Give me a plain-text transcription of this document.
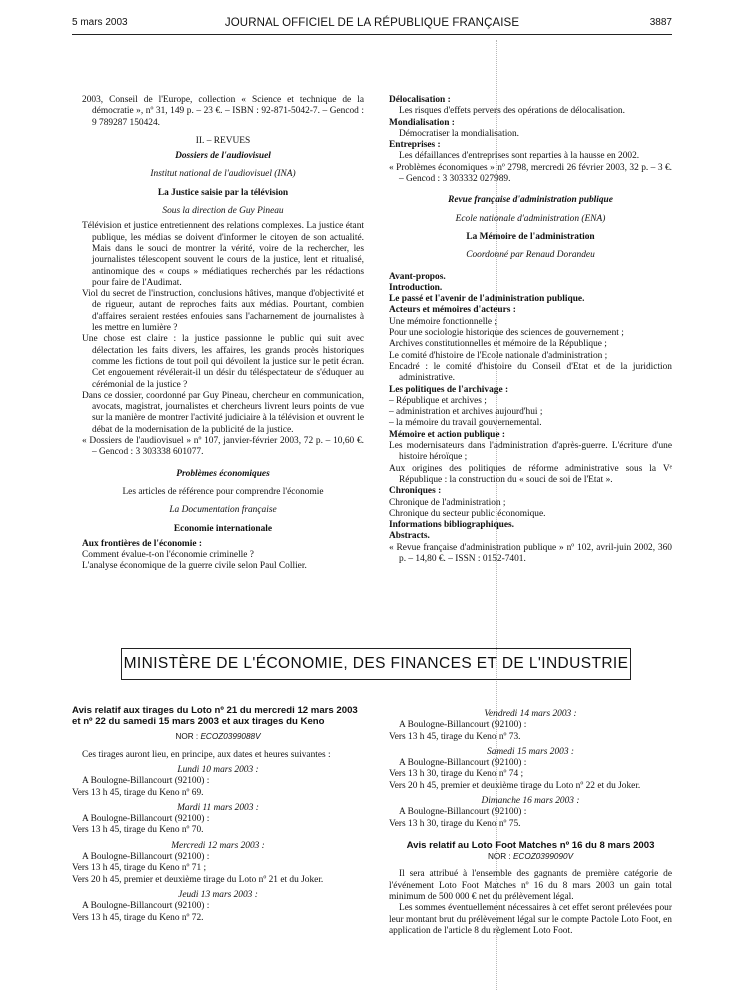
5 mars 2003	JOURNAL OFFICIEL DE LA RÉPUBLIQUE FRANÇAISE	3887

2003, Conseil de l'Europe, collection « Science et technique de la démocratie », nº 31, 149 p. – 23 €. – ISBN : 92-871-5042-7. – Gencod : 9 789287 150424.

II. – REVUES

Dossiers de l'audiovisuel

Institut national de l'audiovisuel (INA)

La Justice saisie par la télévision

Sous la direction de Guy Pineau

Télévision et justice entretiennent des relations complexes. La justice étant publique, les médias se doivent d'informer le citoyen de son actualité. Mais dans le souci de montrer la vérité, voire de la rechercher, les journalistes télescopent souvent le cours de la justice, lent et ritualisé, antinomique des « coups » médiatiques recherchés par les rédactions pour faire de l'Audimat.

Viol du secret de l'instruction, conclusions hâtives, manque d'objectivité et de rigueur, autant de reproches faits aux médias. Pourtant, combien d'affaires seraient restées enfouies sans l'acharnement de journalistes à les mettre en lumière ?

Une chose est claire : la justice passionne le public qui suit avec délectation les faits divers, les affaires, les grands procès historiques comme les fictions de tout poil qui dévoilent la justice sur le petit écran. Cet engouement révélerait-il un désir du téléspectateur de s'éduquer au cérémonial de la justice ?

Dans ce dossier, coordonné par Guy Pineau, chercheur en communication, avocats, magistrat, journalistes et chercheurs livrent leurs points de vue sur la manière de montrer l'activité judiciaire à la télévision et ouvrent le débat de la modernisation de la publicité de la justice.

« Dossiers de l'audiovisuel » nº 107, janvier-février 2003, 72 p. – 10,60 €. – Gencod : 3 303338 601077.

Problèmes économiques

Les articles de référence pour comprendre l'économie

La Documentation française

Economie internationale

Aux frontières de l'économie :

Comment évalue-t-on l'économie criminelle ?

L'analyse économique de la guerre civile selon Paul Collier.

Délocalisation :

Les risques d'effets pervers des opérations de délocalisation.

Mondialisation :

Démocratiser la mondialisation.

Entreprises :

Les défaillances d'entreprises sont reparties à la hausse en 2002.

« Problèmes économiques » nº 2798, mercredi 26 février 2003, 32 p. – 3 €. – Gencod : 3 303332 027989.

Revue française d'administration publique

Ecole nationale d'administration (ENA)

La Mémoire de l'administration

Coordonné par Renaud Dorandeu

Avant-propos.

Introduction.

Le passé et l'avenir de l'administration publique.

Acteurs et mémoires d'acteurs :

Une mémoire fonctionnelle ;

Pour une sociologie historique des sciences de gouvernement ;

Archives constitutionnelles et mémoire de la République ;

Le comité d'histoire de l'Ecole nationale d'administration ;

Encadré : le comité d'histoire du Conseil d'Etat et de la juridiction administrative.

Les politiques de l'archivage :

– République et archives ;

– administration et archives aujourd'hui ;

– la mémoire du travail gouvernemental.

Mémoire et action publique :

Les modernisateurs dans l'administration d'après-guerre. L'écriture d'une histoire héroïque ;

Aux origines des politiques de réforme administrative sous la Vᵉ République : la construction du « souci de soi de l'Etat ».

Chroniques :

Chronique de l'administration ;

Chronique du secteur public économique.

Informations bibliographiques.

Abstracts.

« Revue française d'administration publique » nº 102, avril-juin 2002, 360 p. – 14,80 €. – ISSN : 0152-7401.

MINISTÈRE DE L'ÉCONOMIE, DES FINANCES ET DE L'INDUSTRIE

Avis relatif aux tirages du Loto nº 21 du mercredi 12 mars 2003 et nº 22 du samedi 15 mars 2003 et aux tirages du Keno

NOR : ECOZ0399088V

Ces tirages auront lieu, en principe, aux dates et heures suivantes :

Lundi 10 mars 2003 :

A Boulogne-Billancourt (92100) :

Vers 13 h 45, tirage du Keno nº 69.

Mardi 11 mars 2003 :

A Boulogne-Billancourt (92100) :

Vers 13 h 45, tirage du Keno nº 70.

Mercredi 12 mars 2003 :

A Boulogne-Billancourt (92100) :

Vers 13 h 45, tirage du Keno nº 71 ;

Vers 20 h 45, premier et deuxième tirage du Loto nº 21 et du Joker.

Jeudi 13 mars 2003 :

A Boulogne-Billancourt (92100) :

Vers 13 h 45, tirage du Keno nº 72.

Vendredi 14 mars 2003 :

A Boulogne-Billancourt (92100) :

Vers 13 h 45, tirage du Keno nº 73.

Samedi 15 mars 2003 :

A Boulogne-Billancourt (92100) :

Vers 13 h 30, tirage du Keno nº 74 ;

Vers 20 h 45, premier et deuxième tirage du Loto nº 22 et du Joker.

Dimanche 16 mars 2003 :

A Boulogne-Billancourt (92100) :

Vers 13 h 30, tirage du Keno nº 75.

Avis relatif au Loto Foot Matches nº 16 du 8 mars 2003

NOR : ECOZ0399090V

Il sera attribué à l'ensemble des gagnants de première catégorie de l'événement Loto Foot Matches nº 16 du 8 mars 2003 un gain total minimum de 500 000 € net du prélèvement légal.

Les sommes éventuellement nécessaires à cet effet seront prélevées pour leur montant brut du prélèvement légal sur le compte Pactole Loto Foot, en application de l'article 8 du règlement Loto Foot.
